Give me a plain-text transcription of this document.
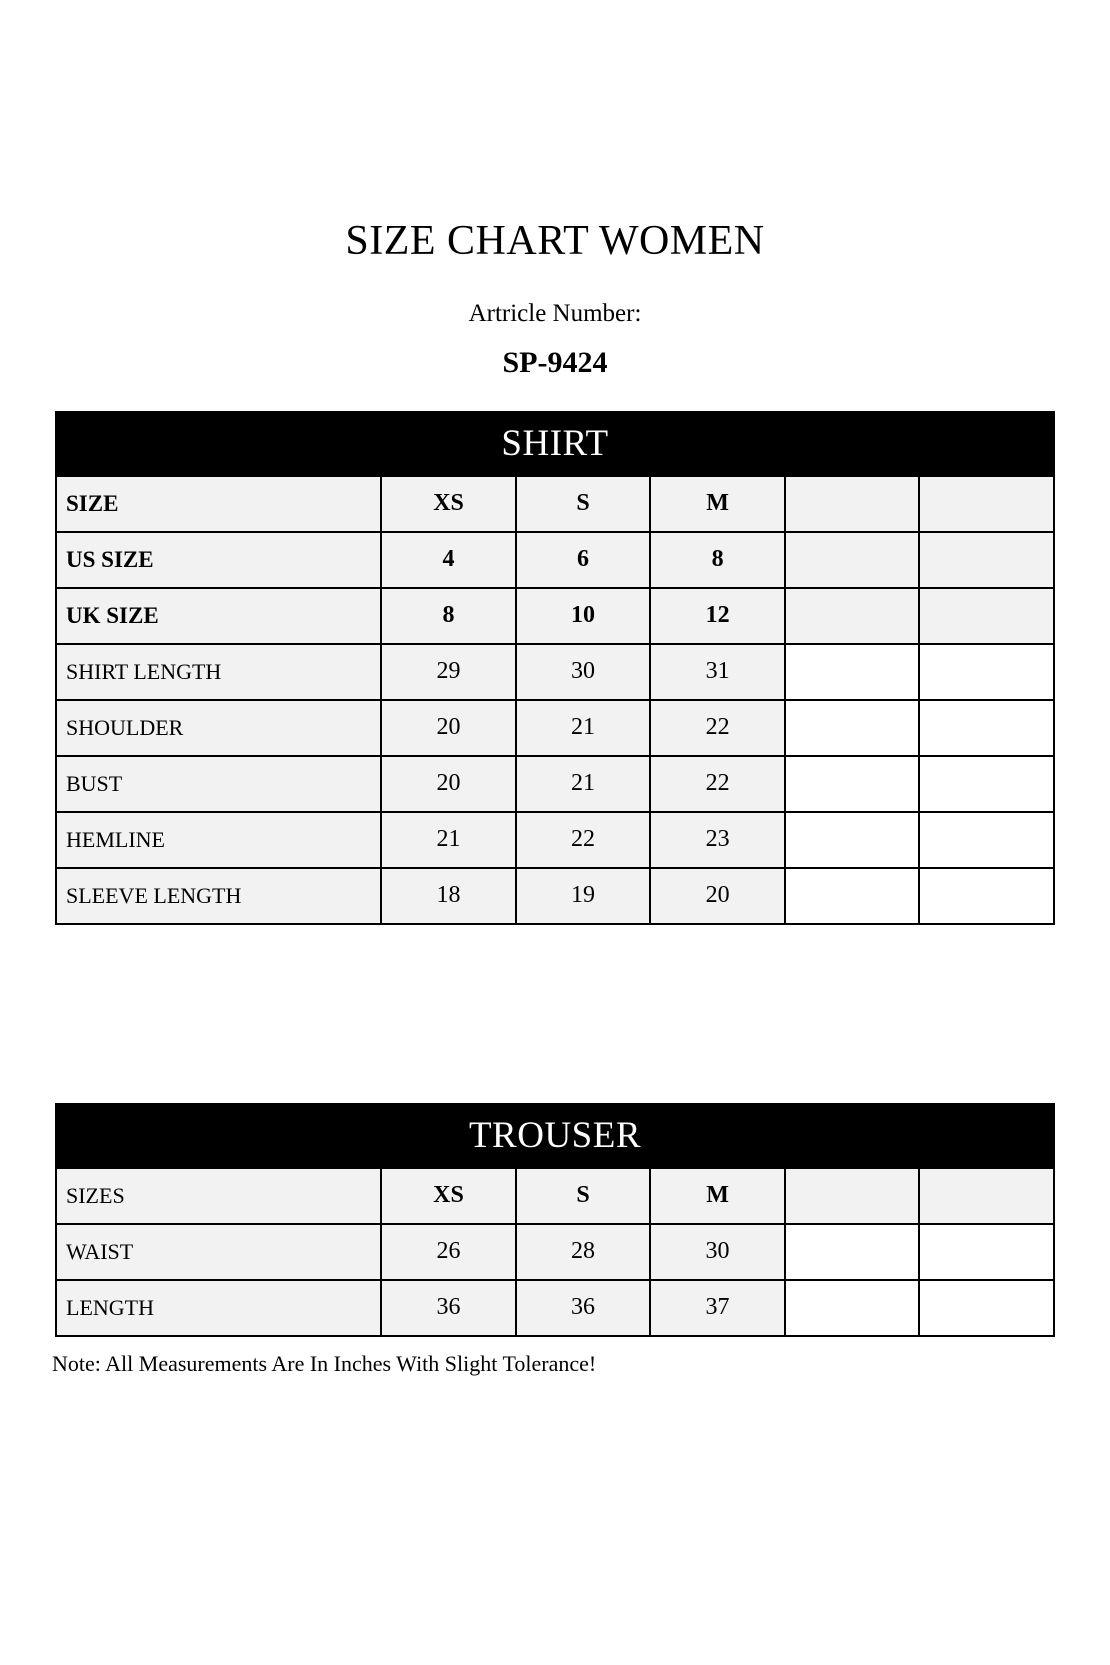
SIZE CHART WOMEN
Artricle Number:
SP-9424
SHIRT					
SIZE	XS	S	M		
US SIZE	4	6	8		
UK SIZE	8	10	12		
SHIRT LENGTH	29	30	31		
SHOULDER	20	21	22		
BUST	20	21	22		
HEMLINE	21	22	23		
SLEEVE LENGTH	18	19	20		
TROUSER					
SIZES	XS	S	M		
WAIST	26	28	30		
LENGTH	36	36	37		
Note: All Measurements Are In Inches With Slight Tolerance!
